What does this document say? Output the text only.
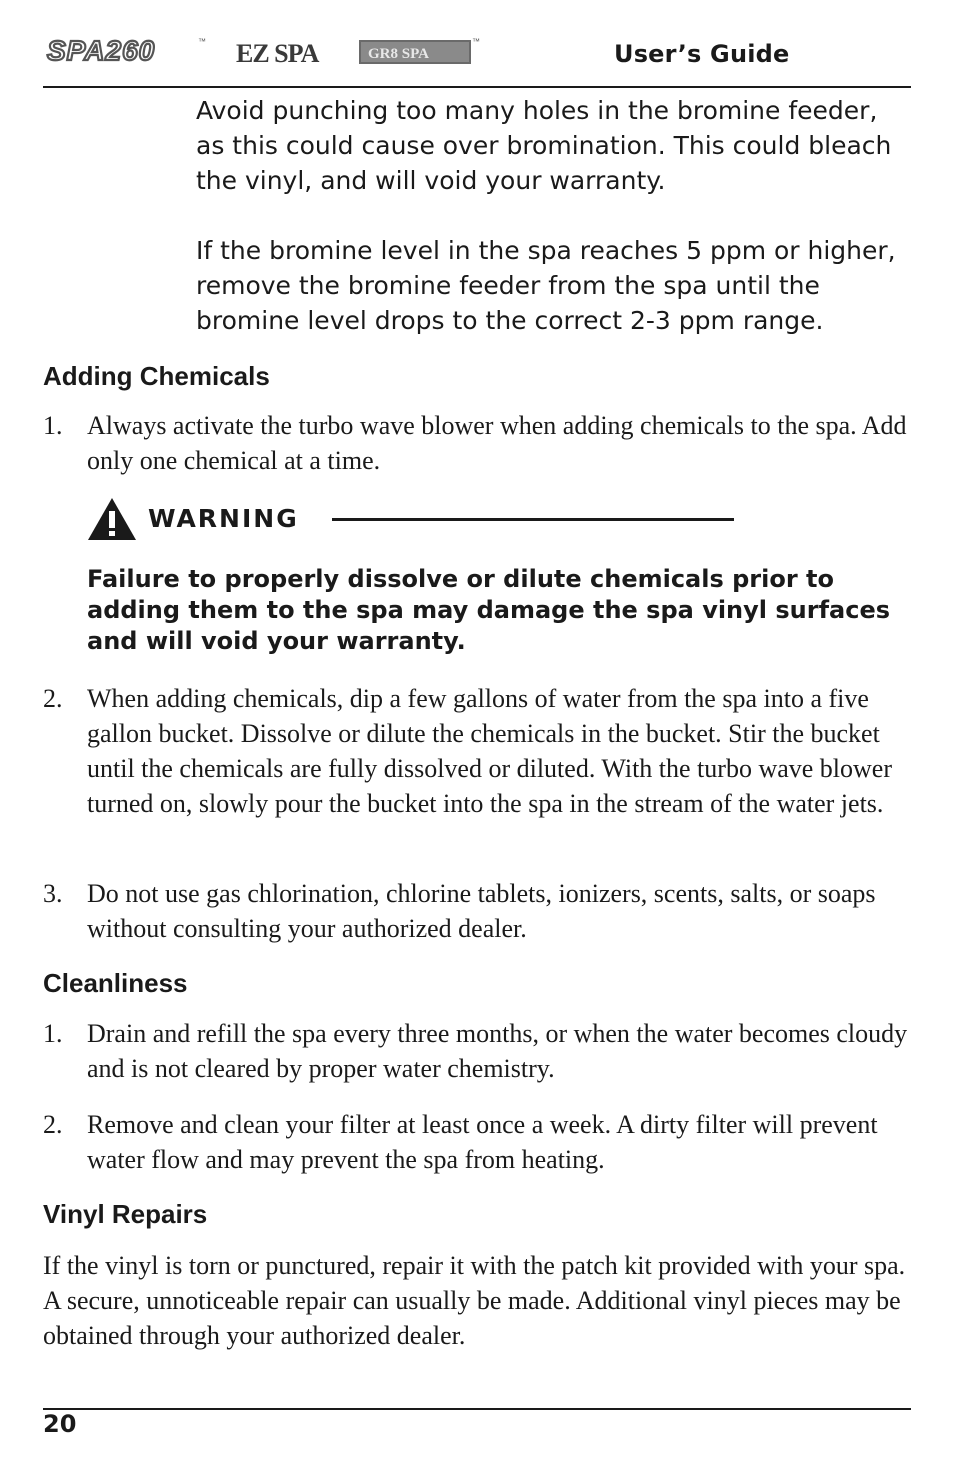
SPA260	™ EZ SPA	GR8 SPA
™	User’s Guide
Avoid punching too many holes in the bromine feeder, as this could cause over bromination. This could bleach the vinyl, and will void your warranty.
If the bromine level in the spa reaches 5 ppm or higher, remove the bromine feeder from the spa until the bromine level drops to the correct 2-3 ppm range.
Adding Chemicals
1. Always activate the turbo wave blower when adding chemicals to the spa. Add only one chemical at a time.
WARNING
Failure to properly dissolve or dilute chemicals prior to adding them to the spa may damage the spa vinyl surfaces and will void your warranty.
2. When adding chemicals, dip a few gallons of water from the spa into a five gallon bucket. Dissolve or dilute the chemicals in the bucket. Stir the bucket until the chemicals are fully dissolved or diluted. With the turbo wave blower turned on, slowly pour the bucket into the spa in the stream of the water jets.
3. Do not use gas chlorination, chlorine tablets, ionizers, scents, salts, or soaps without consulting your authorized dealer.
Cleanliness
1. Drain and refill the spa every three months, or when the water becomes cloudy and is not cleared by proper water chemistry.
2. Remove and clean your filter at least once a week. A dirty filter will prevent water flow and may prevent the spa from heating.
Vinyl Repairs
If the vinyl is torn or punctured, repair it with the patch kit provided with your spa. A secure, unnoticeable repair can usually be made. Additional vinyl pieces may be obtained through your authorized dealer.
20
